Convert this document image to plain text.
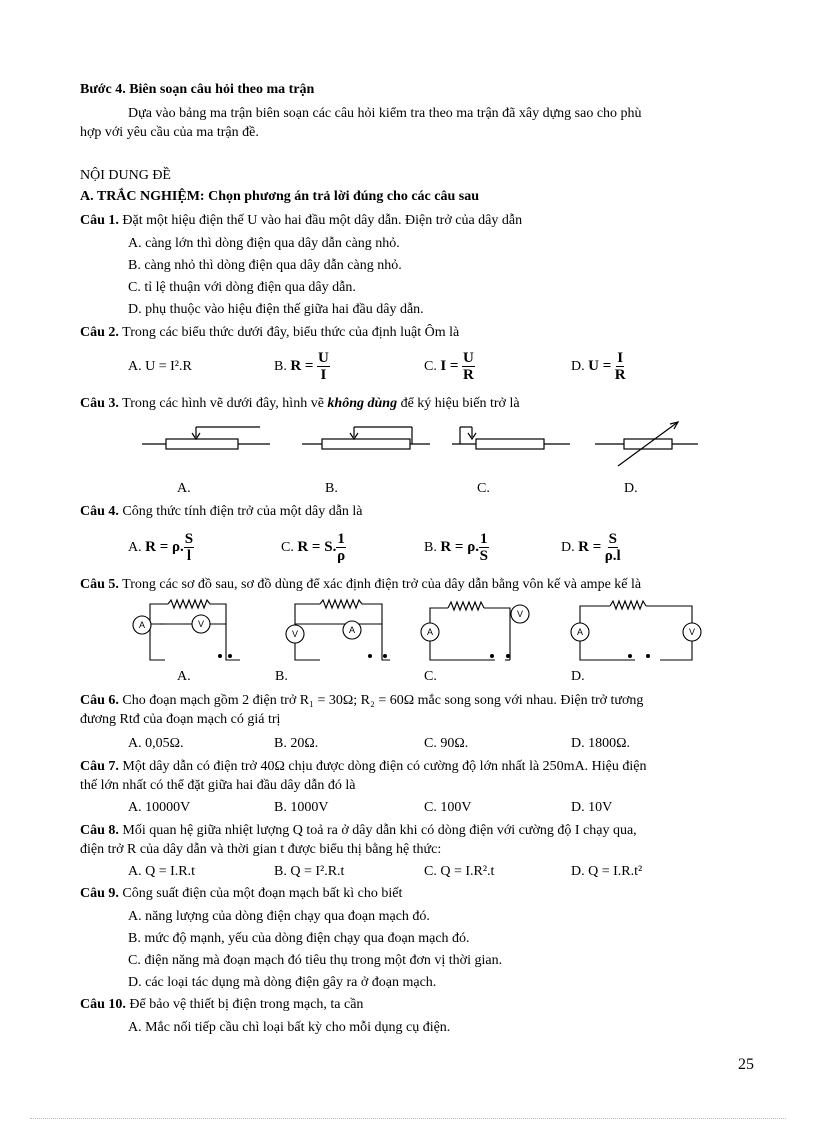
Bước 4. Biên soạn câu hỏi theo ma trận
Dựa vào bảng ma trận biên soạn các câu hỏi kiểm tra theo ma trận đã xây dựng sao cho phù
hợp với yêu cầu của ma trận đề.
NỘI DUNG ĐỀ
A. TRẮC NGHIỆM: Chọn phương án trả lời đúng cho các câu sau
Câu 1. Đặt một hiệu điện thế U vào hai đầu một dây dẫn. Điện trở của dây dẫn
A. càng lớn thì dòng điện qua dây dẫn càng nhỏ.
B. càng nhỏ thì dòng điện qua dây dẫn càng nhỏ.
C. tỉ lệ thuận với dòng điện qua dây dẫn.
D. phụ thuộc vào hiệu điện thế giữa hai đầu dây dẫn.
Câu 2. Trong các biểu thức dưới đây, biểu thức của định luật Ôm là
A. U = I².R	B. $R = \frac{U}{I}$	C. $I = \frac{U}{R}$	D. $U = \frac{I}{R}$
Câu 3. Trong các hình vẽ dưới đây, hình vẽ không dùng để ký hiệu biến trở là
A.	B.	C.	D.
Câu 4. Công thức tính điện trở của một dây dẫn là
A. R = ρ. $\frac{S}{l}$	C. R = S. $\frac{1}{\rho}$	B. R = ρ. $\frac{1}{S}$	D. $R = \frac{S}{\rho.l}$
Câu 5. Trong các sơ đồ sau, sơ đồ dùng để xác định điện trở của dây dẫn bằng vôn kế và ampe kế là
A	V
V	A	A
V
A	V
A.	B.	C.	D.
Câu 6. Cho đoạn mạch gồm 2 điện trở R₁ = 30Ω; R₂ = 60Ω mắc song song với nhau. Điện trở tương
đương Rtđ của đoạn mạch có giá trị
A. 0,05Ω.	B. 20Ω.	C. 90Ω.	D. 1800Ω.
Câu 7. Một dây dẫn có điện trở 40Ω chịu được dòng điện có cường độ lớn nhất là 250mA. Hiệu điện
thế lớn nhất có thể đặt giữa hai đầu dây dẫn đó là
A. 10000V	B. 1000V	C. 100V	D. 10V
Câu 8. Mối quan hệ giữa nhiệt lượng Q toả ra ở dây dẫn khi có dòng điện với cường độ I chạy qua,
điện trở R của dây dẫn và thời gian t được biểu thị bằng hệ thức:
A. Q = I.R.t	B. Q = I².R.t	C. Q = I.R².t	D. Q = I.R.t²
Câu 9. Công suất điện của một đoạn mạch bất kì cho biết
A. năng lượng của dòng điện chạy qua đoạn mạch đó.
B. mức độ mạnh, yếu của dòng điện chạy qua đoạn mạch đó.
C. điện năng mà đoạn mạch đó tiêu thụ trong một đơn vị thời gian.
D. các loại tác dụng mà dòng điện gây ra ở đoạn mạch.
Câu 10. Để bảo vệ thiết bị điện trong mạch, ta cần
A. Mắc nối tiếp cầu chì loại bất kỳ cho mỗi dụng cụ điện.
25
